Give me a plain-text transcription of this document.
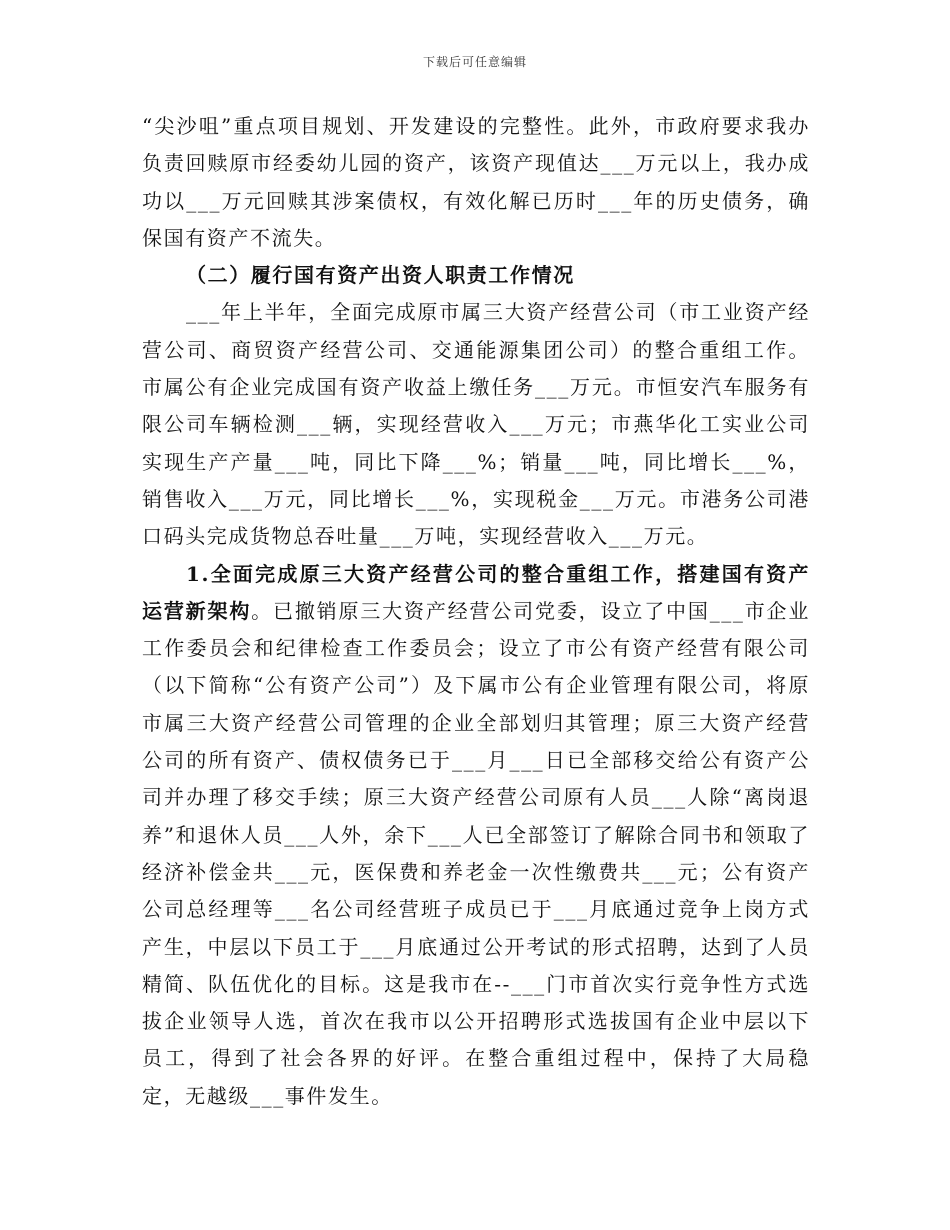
下载后可任意编辑

“尖沙咀”重点项目规划、开发建设的完整性。此外，市政府要求我办负责回赎原市经委幼儿园的资产，该资产现值达___万元以上，我办成功以___万元回赎其涉案债权，有效化解已历时___年的历史债务，确保国有资产不流失。

（二）履行国有资产出资人职责工作情况

___年上半年，全面完成原市属三大资产经营公司（市工业资产经营公司、商贸资产经营公司、交通能源集团公司）的整合重组工作。市属公有企业完成国有资产收益上缴任务___万元。市恒安汽车服务有限公司车辆检测___辆，实现经营收入___万元；市燕华化工实业公司实现生产产量___吨，同比下降___%；销量___吨，同比增长___%，销售收入___万元，同比增长___%，实现税金___万元。市港务公司港口码头完成货物总吞吐量___万吨，实现经营收入___万元。

1.全面完成原三大资产经营公司的整合重组工作，搭建国有资产运营新架构。已撤销原三大资产经营公司党委，设立了中国___市企业工作委员会和纪律检查工作委员会；设立了市公有资产经营有限公司（以下简称“公有资产公司”）及下属市公有企业管理有限公司，将原市属三大资产经营公司管理的企业全部划归其管理；原三大资产经营公司的所有资产、债权债务已于___月___日已全部移交给公有资产公司并办理了移交手续；原三大资产经营公司原有人员___人除“离岗退养”和退休人员___人外，余下___人已全部签订了解除合同书和领取了经济补偿金共___元，医保费和养老金一次性缴费共___元；公有资产公司总经理等___名公司经营班子成员已于___月底通过竞争上岗方式产生，中层以下员工于___月底通过公开考试的形式招聘，达到了人员精简、队伍优化的目标。这是我市在--___门市首次实行竞争性方式选拔企业领导人选，首次在我市以公开招聘形式选拔国有企业中层以下员工，得到了社会各界的好评。在整合重组过程中，保持了大局稳定，无越级___事件发生。
